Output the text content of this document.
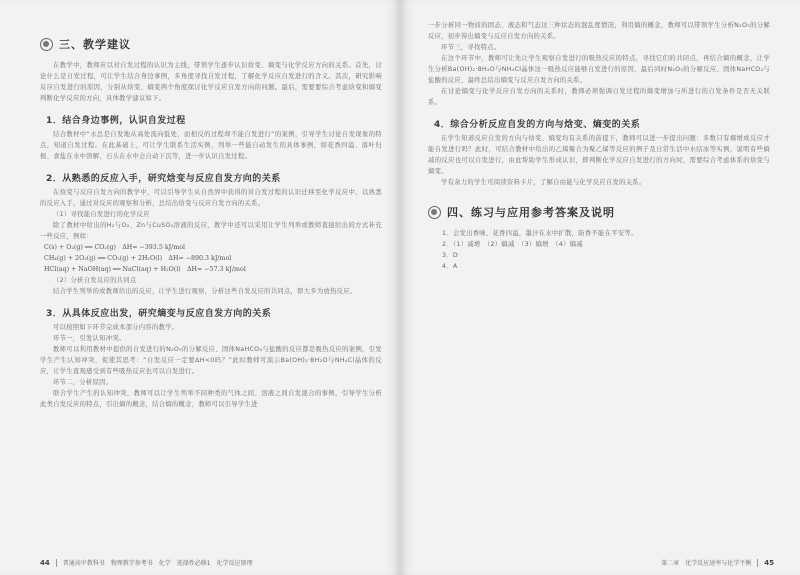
三、教学建议

在教学中，教师应以对自发过程的认识为主线，带领学生逐步认识焓变、熵变与化学反应方向的关系。首先，讨论什么是自发过程，可让学生结合身边事例，多角度寻找自发过程，了解化学反应自发进行的含义。其次，研究影响反应自发进行的原因，分别从焓变、熵变两个角度探讨化学反应自发方向的问题。最后，需要要综合考虑焓变和熵变判断化学反应的方向，具体教学建议如下。

1．结合身边事例，认识自发过程

结合教材中“水总是自发地从高处流向低处，而相反的过程却不能自发进行”的案例，引导学生讨论自发现象的特点，知道自发过程。在此基础上，可让学生联系生活实例，列举一些能自动发生的具体事例，如花香四溢、落叶归根、食盐在水中溶解、石头在水中会自动下沉等，进一步认识自发过程。

2．从熟悉的反应入手，研究焓变与反应自发方向的关系

在焓变与反应自发方向的教学中，可以引导学生从自然界中获得的对自发过程的认识迁移至化学反应中，以熟悉的反应入手，通过对反应的观察和分析，总结出焓变与反应自发方向的关系。

（1）寻找能自发进行的化学反应

除了教材中给出的H₂与O₂、Zn与CuSO₄溶液的反应，教学中还可以采用让学生列举或教师直接给出的方式补充一些反应，例如：

C(s) + O₂(g) ══ CO₂(g)　ΔH= −393.5 kJ/mol
CH₄(g) + 2O₂(g) ══ CO₂(g) + 2H₂O(l)　ΔH= −890.3 kJ/mol
HCl(aq) + NaOH(aq) ══ NaCl(aq) + H₂O(l)　ΔH= −57.3 kJ/mol

（2）分析自发反应的共同点

结合学生列举的或教师给出的反应，让学生进行观察，分析这些自发反应的共同点，即大多为放热反应。

3．从具体反应出发，研究熵变与反应自发方向的关系

可以按照如下环节完成本部分内容的教学。

环节一，引发认知冲突。

教师可以利用教材中提供的自发进行的N₂O₅的分解反应、固体NaHCO₃与盐酸的反应都是吸热反应的案例，引发学生产生认知冲突，促使其思考：“自发反应一定要ΔH<0吗？”此时教师可演示Ba(OH)₂·8H₂O与NH₄Cl晶体的反应，让学生直观感受到有些吸热反应也可以自发进行。

环节二，分析原因。

联合学生产生的认知冲突，教师可以让学生列举不同种类的气体之间、溶液之间自发混合的事例，引导学生分析此类自发反应的特点，引出熵的概念，结合熵的概念，教师可以引导学生进

44 普通高中教科书　物理教学参考书　化学　选择性必修1　化学反应原理

一步分析同一物质的固态、液态和气态这三种状态的混乱度情况，利用熵的概念，教师可以带领学生分析N₂O₅的分解反应，初步得出熵变与反应自发方向的关系。

环节三，寻找特点。

在这个环节中，教师可让先让学生观察自发进行的吸热反应的特点，寻找它们的共同点，再结合熵的概念，让学生分析Ba(OH)₂·8H₂O与NH₄Cl晶体这一吸热反应能够自发进行的原因，最后同时N₂O₅的分解反应、固体NaHCO₃与盐酸的反应，最终总结出熵变与反应自发方向的关系。

在讨论熵变与化学反应自发方向的关系时，教师必须强调自发过程的熵变增加与所进行的自发条件是否无关联系。

4．综合分析反应自发的方向与焓变、熵变的关系

在学生知道反应自发的方向与焓变、熵变均有关系的前提下，教师可以进一步提出问题：多数只有熵增或反应才能自发进行吗？此时，可结合教材中给出的乙烯聚合为聚乙烯等反应的例子及日常生活中水结冰等实例，说明有些熵减的反应也可以自发进行，由此帮助学生形成认识，即判断化学反应自发进行的方向时，需要综合考虑体系的焓变与熵变。

学有余力的学生可阅读资料卡片，了解自由能与化学反应自发的关系。

四、练习与应用参考答案及说明
1．会发出香味、花香四溢，墨汁在水中扩散，防香不能在平安等。
2．（1）减增　（2）熵减　（3）熵增　（4）熵减
3．D
4．A
第二章　化学反应速率与化学平衡 45
